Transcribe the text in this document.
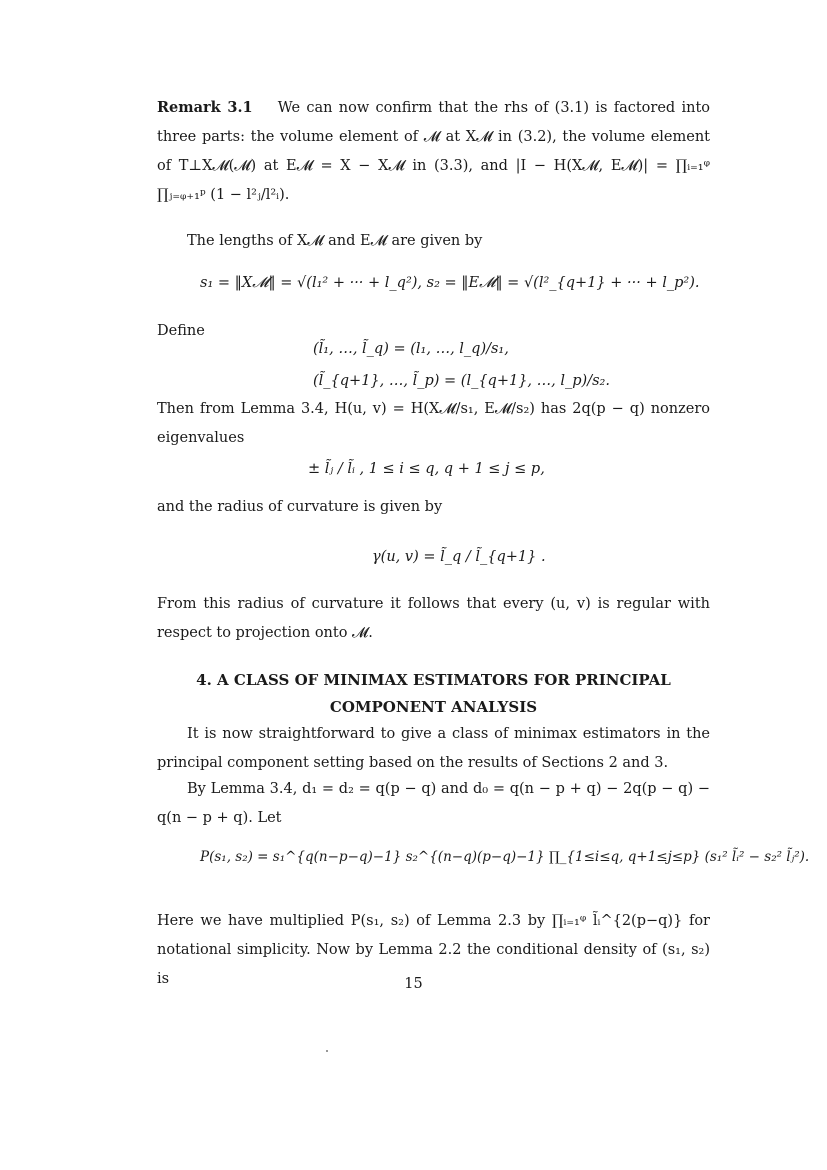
Remark 3.1 We can now confirm that the rhs of (3.1) is factored into three parts: the volume element of 𝓜 at X𝓜 in (3.2), the volume element of T⊥X𝓜(𝓜) at E𝓜 = X − X𝓜 in (3.3), and |I − H(X𝓜, E𝓜)| = ∏ᵢ₌₁ᵠ ∏ⱼ₌ᵩ₊₁ᵖ (1 − l²ⱼ/l²ᵢ).
The lengths of X𝓜 and E𝓜 are given by
s₁ = ‖X𝓜‖ = √(l₁² + ··· + l_q²), s₂ = ‖E𝓜‖ = √(l²_{q+1} + ··· + l_p²).
Define
(l̃₁, …, l̃_q) = (l₁, …, l_q)/s₁,
(l̃_{q+1}, …, l̃_p) = (l_{q+1}, …, l_p)/s₂.
Then from Lemma 3.4, H(u, v) = H(X𝓜/s₁, E𝓜/s₂) has 2q(p − q) nonzero eigenvalues
± l̃ⱼ / l̃ᵢ , 1 ≤ i ≤ q, q + 1 ≤ j ≤ p,
and the radius of curvature is given by
γ(u, v) = l̃_q / l̃_{q+1} .
From this radius of curvature it follows that every (u, v) is regular with respect to projection onto 𝓜.
4. A CLASS OF MINIMAX ESTIMATORS FOR PRINCIPAL
COMPONENT ANALYSIS
It is now straightforward to give a class of minimax estimators in the principal component setting based on the results of Sections 2 and 3.
By Lemma 3.4, d₁ = d₂ = q(p − q) and d₀ = q(n − p + q) − 2q(p − q) − q(n − p + q). Let
P(s₁, s₂) = s₁^{q(n−p−q)−1} s₂^{(n−q)(p−q)−1} ∏_{1≤i≤q, q+1≤j≤p} (s₁² l̃ᵢ² − s₂² l̃ⱼ²).
Here we have multiplied P(s₁, s₂) of Lemma 2.3 by ∏ᵢ₌₁ᵠ l̃ᵢ^{2(p−q)} for notational simplicity. Now by Lemma 2.2 the conditional density of (s₁, s₂) is	15
